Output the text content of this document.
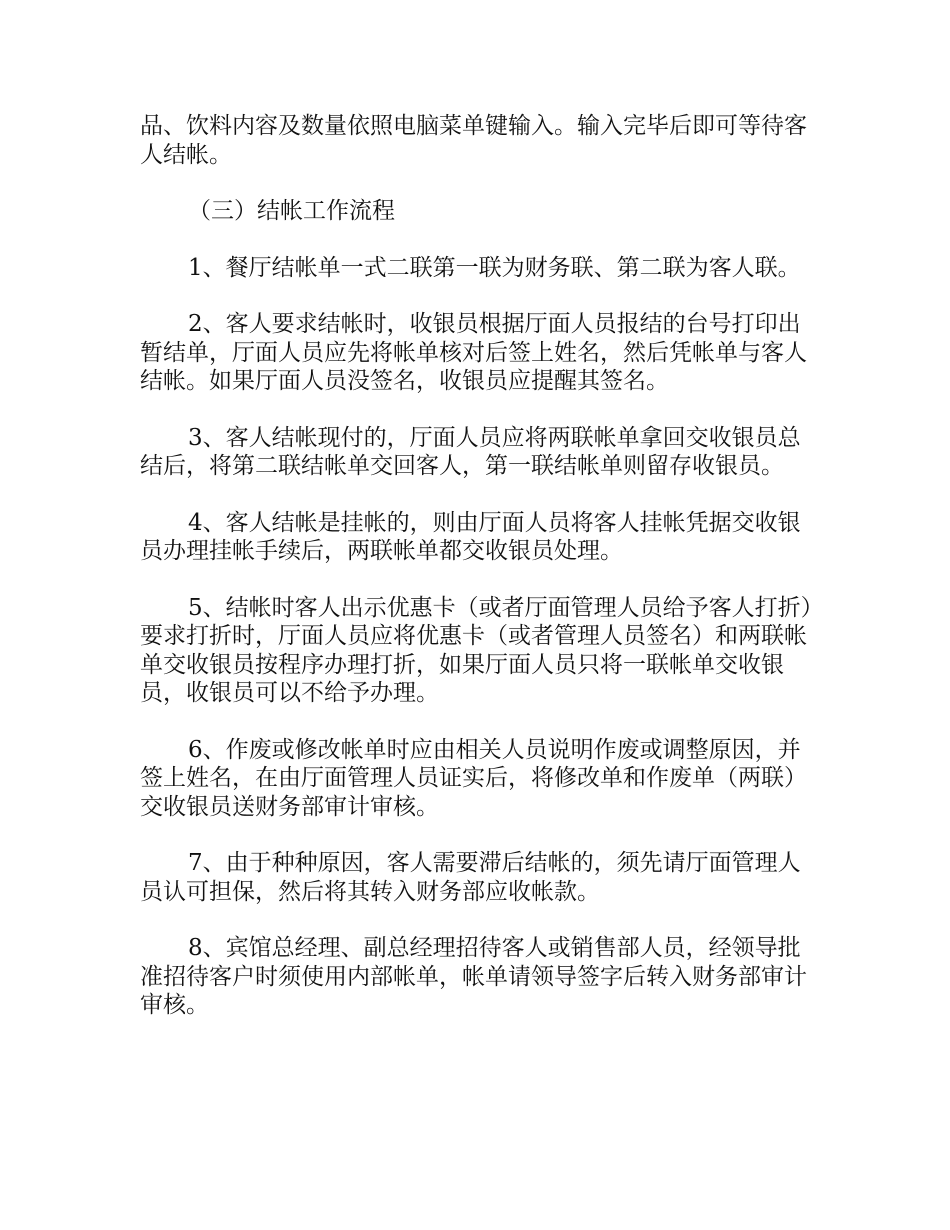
品、饮料内容及数量依照电脑菜单键输入。输入完毕后即可等待客人结帐。

（三）结帐工作流程

1、餐厅结帐单一式二联第一联为财务联、第二联为客人联。

2、客人要求结帐时，收银员根据厅面人员报结的台号打印出暂结单，厅面人员应先将帐单核对后签上姓名，然后凭帐单与客人结帐。如果厅面人员没签名，收银员应提醒其签名。

3、客人结帐现付的，厅面人员应将两联帐单拿回交收银员总结后，将第二联结帐单交回客人，第一联结帐单则留存收银员。

4、客人结帐是挂帐的，则由厅面人员将客人挂帐凭据交收银员办理挂帐手续后，两联帐单都交收银员处理。

5、结帐时客人出示优惠卡（或者厅面管理人员给予客人打折）要求打折时，厅面人员应将优惠卡（或者管理人员签名）和两联帐单交收银员按程序办理打折，如果厅面人员只将一联帐单交收银员，收银员可以不给予办理。

6、作废或修改帐单时应由相关人员说明作废或调整原因，并签上姓名，在由厅面管理人员证实后，将修改单和作废单（两联）交收银员送财务部审计审核。

7、由于种种原因，客人需要滞后结帐的，须先请厅面管理人员认可担保，然后将其转入财务部应收帐款。

8、宾馆总经理、副总经理招待客人或销售部人员，经领导批准招待客户时须使用内部帐单，帐单请领导签字后转入财务部审计审核。
